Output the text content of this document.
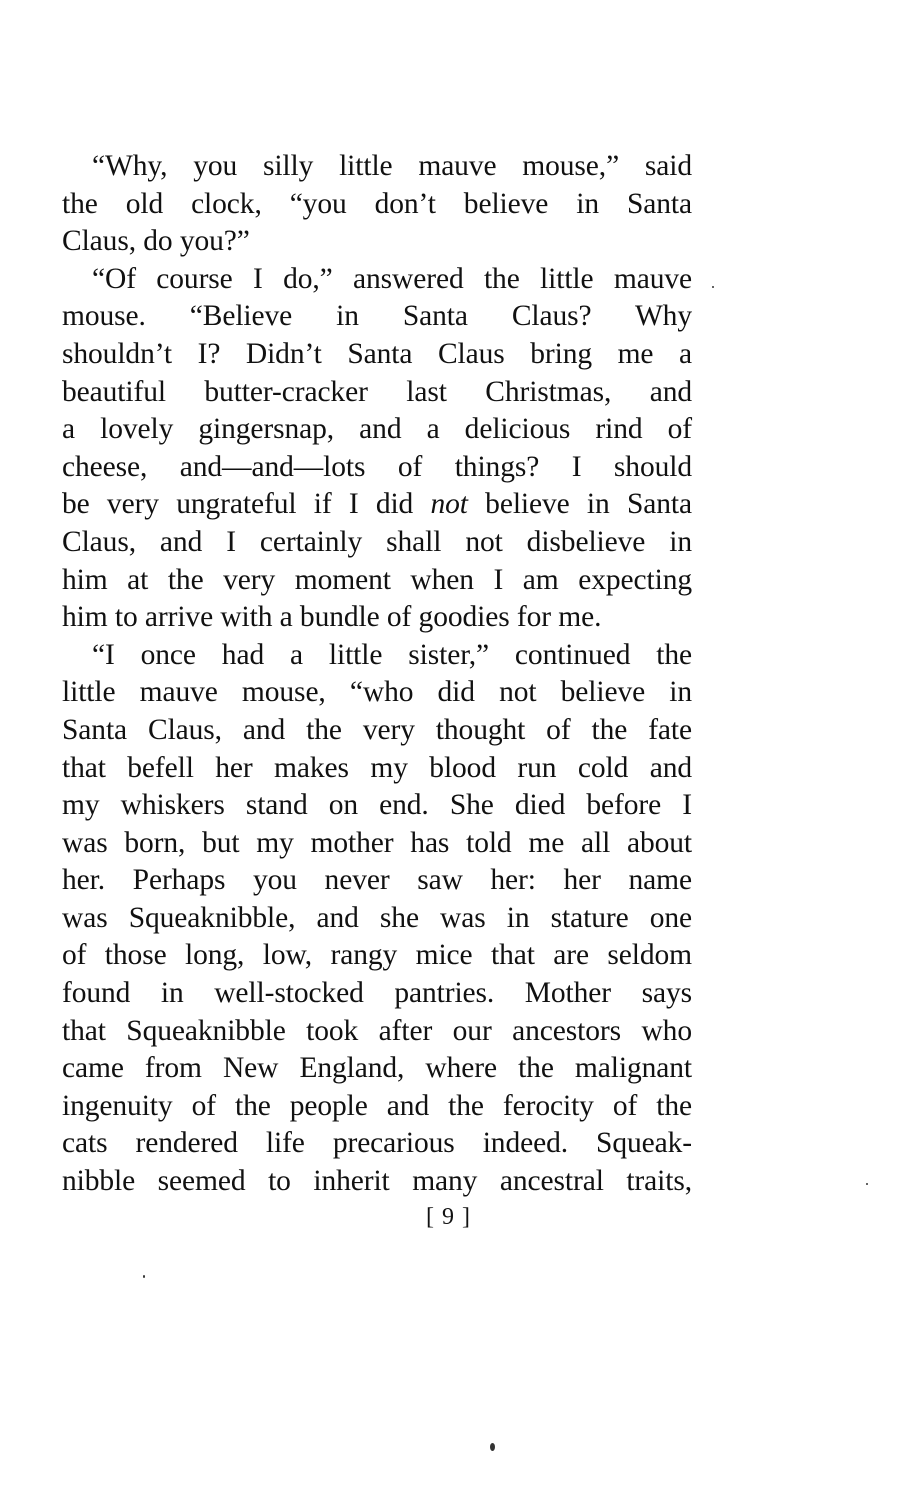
“Why, you silly little mauve mouse,” said
the old clock, “you don’t believe in Santa
Claus, do you?”
“Of course I do,” answered the little mauve
mouse. “Believe in Santa Claus? Why
shouldn’t I? Didn’t Santa Claus bring me a
beautiful butter-cracker last Christmas, and
a lovely gingersnap, and a delicious rind of
cheese, and—and—lots of things? I should
be very ungrateful if I did not believe in Santa
Claus, and I certainly shall not disbelieve in
him at the very moment when I am expecting
him to arrive with a bundle of goodies for me.
“I once had a little sister,” continued the
little mauve mouse, “who did not believe in
Santa Claus, and the very thought of the fate
that befell her makes my blood run cold and
my whiskers stand on end. She died before I
was born, but my mother has told me all about
her. Perhaps you never saw her: her name
was Squeaknibble, and she was in stature one
of those long, low, rangy mice that are seldom
found in well-stocked pantries. Mother says
that Squeaknibble took after our ancestors who
came from New England, where the malignant
ingenuity of the people and the ferocity of the
cats rendered life precarious indeed. Squeak-
nibble seemed to inherit many ancestral traits,
[ 9 ]
